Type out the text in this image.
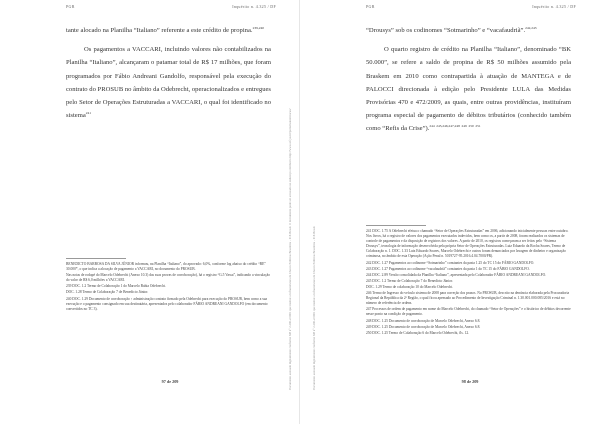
PGR	Inquérito n. 4.325 / DF

tante alocado na Planilha “Italiano” referente a este crédito de propina.$^{239,240}$

Os pagamentos a VACCARI, incluindo valores não contabilizados na Planilha “Italiano”, alcançaram o patamar total de R$ 17 milhões, que foram programados por Fábio Andreani Gandolfo, responsável pela execução do contrato do PROSUB no âmbito da Odebrecht, operacionalizados e entregues pelo Setor de Operações Estruturadas a VACCARI, o qual foi identificado no sistema$^{241}$

BENEDICTO BARBOSA DA SILVA JÚNIOR informou, na Planilha “Italiano”, do aprovado: 6,0%, conforme log abaixo do crédito “BE” 30.000*, o que indica a alocação de pagamento a VACCARI, no documento do PROSUB.

Nas notas de rodapé do Marcelo Odebrecht (Anexo 10.3) das suas provas de corroboração), há o registro “G.5 Vassa”, indicando a vinculação do valor de R$ 6,0 milhões a VACCARI.

239 DOC. 1.2 Termo de Colaboração 1 do Marcelo Bahia Odebrecht.

DOC. 1.28 Termo de Colaboração 7 de Benedicto Júnior.

240 DOC. 1.29 Documento de corroboração ↑ administração contrato firmado pela Odebrecht para execução do PROSUB, bem como a sua execução e o pagamento consignado em sua destinatária, apresentados pelo colaborador FÁBIO ANDREANI GANDOLFO (em documento convertidos no TC 3).

97 de 209	Documento assinado digitalmente conforme MP n° 2.200-2/2001 que institui a Infraestrutura de Chaves Públicas Brasileira - ICP-Brasil. O documento pode ser acessado no endereço eletrônico http://www.stf.jus.br/portal/autenticacao/
PGR	Inquérito n. 4.325 / DF

“Drousys” sob os codinomes “Sotmarinho” e “vacafaudriã”.$^{242,243}$

O quarto registro de crédito na Planilha “Italiano”, denominado “BK 50.000”, se refere a saldo de propina de R$ 50 milhões assumido pela Braskem em 2010 como contrapartida à atuação de MANTEGA e de PALOCCI direcionada à edição pelo Presidente LULA das Medidas Provisórias 470 e 472/2009, as quais, entre outras providências, instituíram programa especial de pagamento de débitos tributários (conhecido também como “Refis da Crise”).$^{244}$ $^{245,246,247,248}$ $^{249}$ $^{250}$ $^{251}$

241 DOC. 1.75 A Odebrecht efetua o chamado “Setor de Operações Estruturadas” em 2006, adicionando inicialmente pessoas entre outubro. Nos livros, há o registro de valores dos pagamentos executados indevidos, bem como os, a partir de 2008, foram realizados os sistemas de controle de pagamentos e da disposição de registros dos valores. A partir de 2010, os registros começaram a ser feitos pelo “Sistema Drousys”, tecnologia de informação desenvolvida pela própria Setor de Operações Estruturadas. Luiz Eduardo da Rocha Soares, Termo de Colaboração n. 1. DOC. 1.33 Luiz Eduardo Soares, Marcelo Odebrecht e outros foram denunciados por lavagem de dinheiro e organização criminosa, no âmbito de esta Operação (Ação Penal n. 5019727-95.2016.4.04.7000/PR).

242 DOC. 1.27 Pagamentos ao codinome “Sotmarinho” constantes da pasta 1.25 do TC 15 do FÁBIO GANDOLFO.

243 DOC. 1.27 Pagamentos ao codinome “vacafaudriã” constantes da pasta 1 do TC 15 do FÁBIO GANDOLFO.

244 DOC. 2.89 Versão consolidada da Planilha “Italiano”, apresentada pelo Colaborador FÁBIO ANDREANI GANDOLFO.

245 DOC. 1.2 Termo de Colaboração 7 do Benedicto Júnior.

DOC. 1.29 Termo de colaboração 10 do Marcelo Odebrecht.

246 Termo de Ingresso do veículo sistema de 2008 para correção dos prazos. No PROSUB, descrito na denúncia elaborada pela Procuradoria Regional da República da 2ª Região, o qual ficou apensado ao Procedimento de Investigação Criminal n. 1.30.001.000.085/2016 e está no número de referência de ordens.

247 Processos de ordem de pagamento em nome do Marcelo Odebrecht, do chamado “Setor de Operações” e o histórico de débitos decorrente nesse ponto na condição de pagamento.

248 DOC. 1.25 Documento de corroboração de Marcelo Odebrecht, Anexo 6.8.

249 DOC. 1.25 Documento de corroboração de Marcelo Odebrecht, Anexo 6.8.

250 DOC. 1.25 Termo de Colaboração 6 do Marcelo Odebrecht, fls. 12.

98 de 209
Documento assinado digitalmente conforme MP n° 2.200-2/2001 que institui a Infraestrutura de Chaves Públicas Brasileira - ICP-Brasil.
